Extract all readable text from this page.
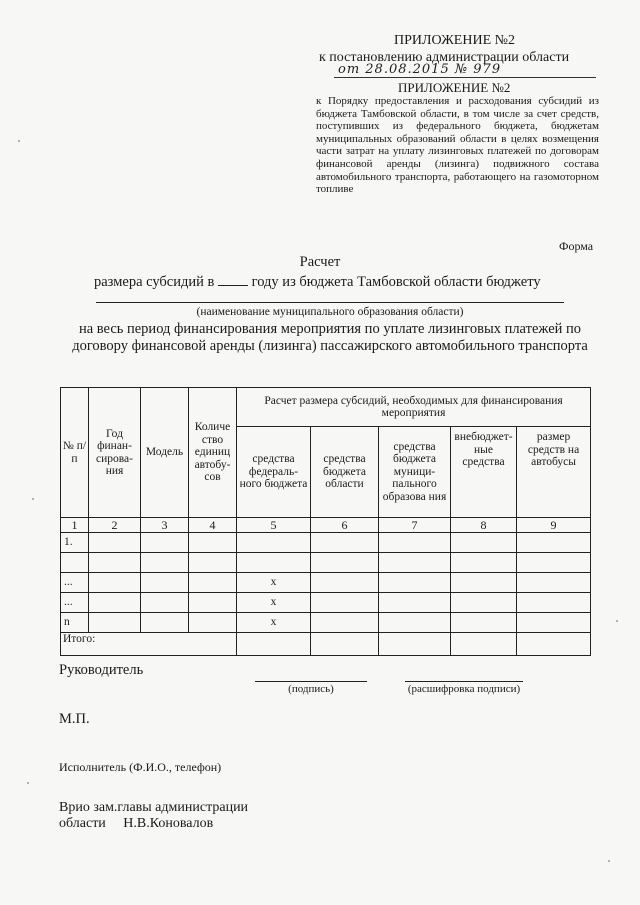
ПРИЛОЖЕНИЕ №2
к постановлению администрации области
от 28.08.2015 № 979
ПРИЛОЖЕНИЕ №2
к Порядку предоставления и расходования субсидий из бюджета Тамбовской области, в том числе за счет средств, поступивших из федерального бюджета, бюджетам муниципальных образований области в целях возмещения части затрат на уплату лизинговых платежей по договорам финансовой аренды (лизинга) подвижного состава автомобильного транспорта, работающего на газомоторном топливе
Форма
Расчет
размера субсидий в  году из бюджета Тамбовской области бюджету
(наименование муниципального образования области)
на весь период финансирования мероприятия по уплате лизинговых платежей по договору финансовой аренды (лизинга) пассажирского автомобильного транспорта
№ п/п	Год финан-сирова-ния	Модель	Количе ство единиц автобу-сов	Расчет размера субсидий, необходимых для финансирования мероприятия				
				средства федераль-ного бюджета	средства бюджета области	средства бюджета муници-пального образова ния	внебюджет-ные средства	размер средств на автобусы
1	2	3	4	5	6	7	8	9
1.								

...				x				
...				x				
n				x				
Итого:								
Руководитель
(подпись)	(расшифровка подписи)
М.П.
Исполнитель (Ф.И.О., телефон)
Врио зам.главы администрации
области     Н.В.Коновалов
